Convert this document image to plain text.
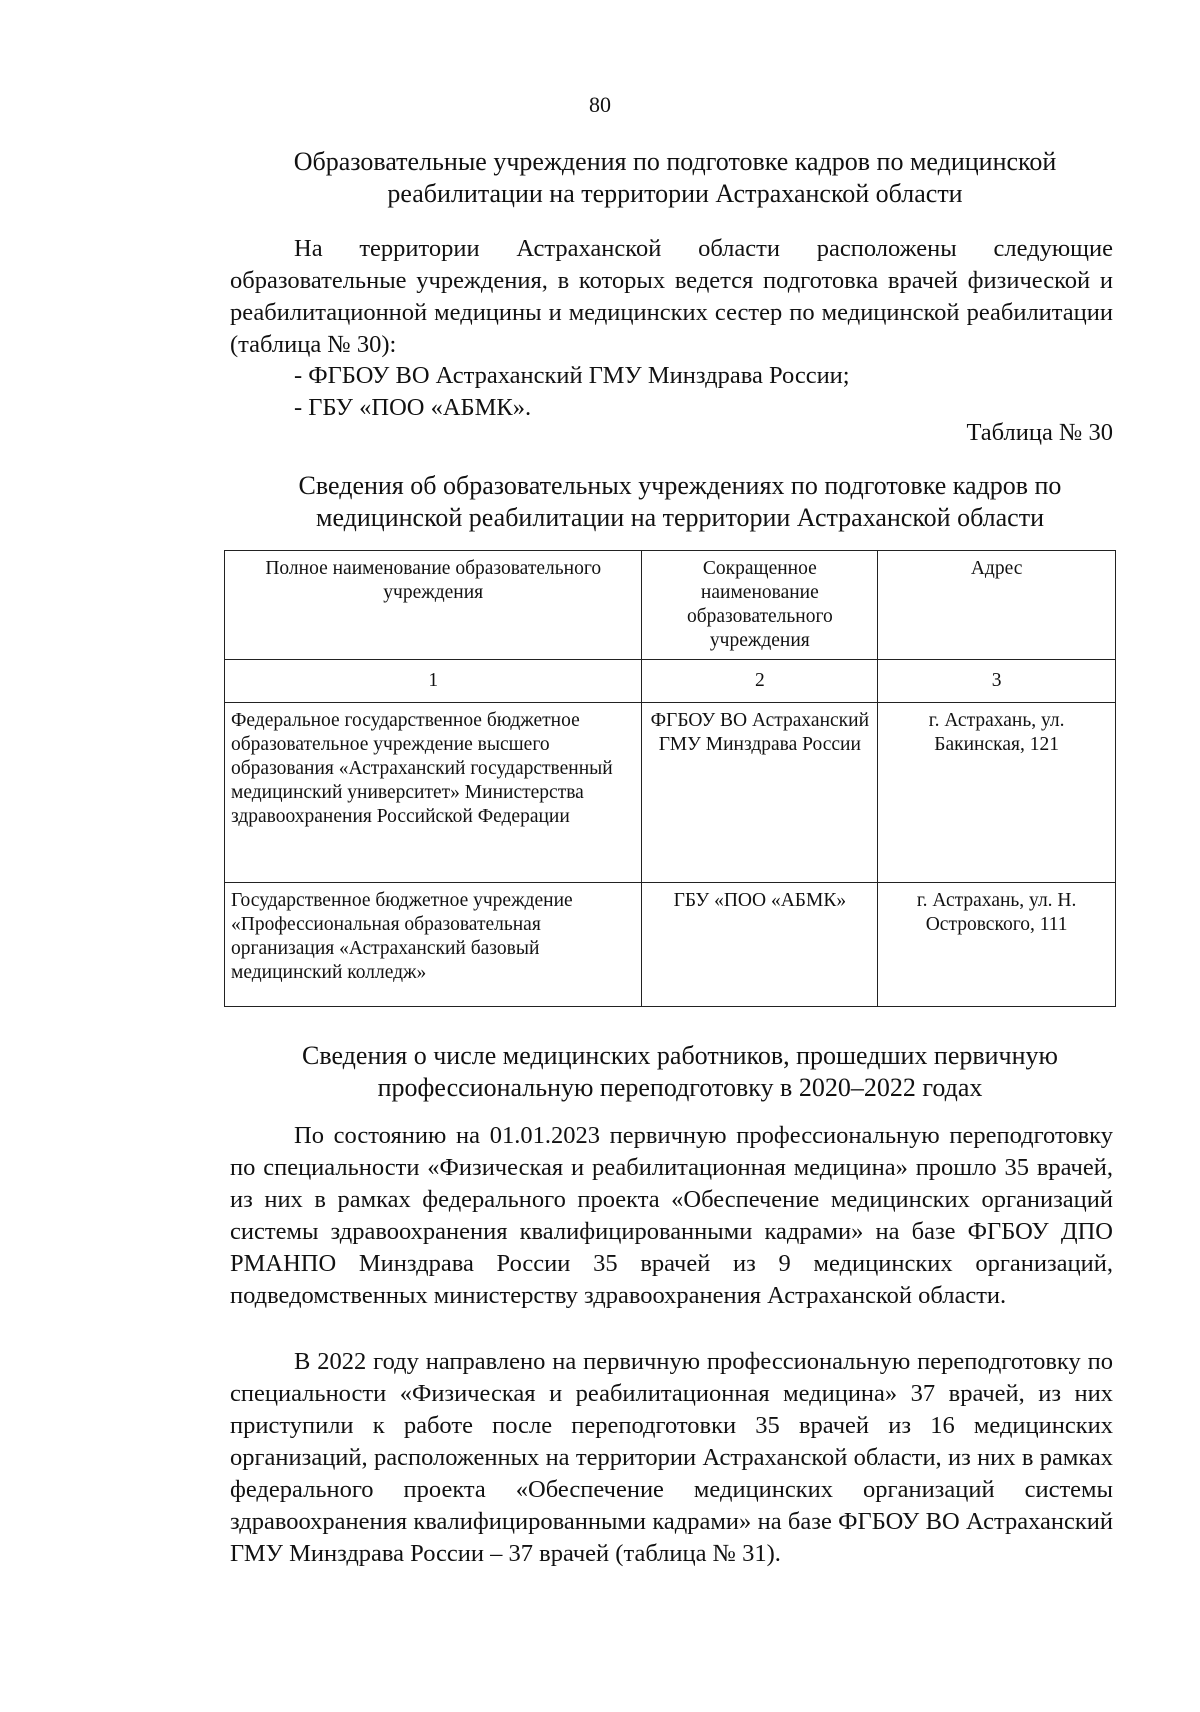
80
Образовательные учреждения по подготовке кадров по медицинской реабилитации на территории Астраханской области

На территории Астраханской области расположены следующие образовательные учреждения, в которых ведется подготовка врачей физической и реабилитационной медицины и медицинских сестер по медицинской реабилитации (таблица № 30):

- ФГБОУ ВО Астраханский ГМУ Минздрава России;
- ГБУ «ПОО «АБМК».
Таблица № 30
Сведения об образовательных учреждениях по подготовке кадров по медицинской реабилитации на территории Астраханской области
Полное наименование образовательного учреждения	Сокращенное наименование образовательного учреждения	Адрес
1	2	3
Федеральное государственное бюджетное образовательное учреждение высшего образования «Астраханский государственный медицинский университет» Министерства здравоохранения Российской Федерации	ФГБОУ ВО Астраханский ГМУ Минздрава России	г. Астрахань, ул. Бакинская, 121
Государственное бюджетное учреждение «Профессиональная образовательная организация «Астраханский базовый медицинский колледж»	ГБУ «ПОО «АБМК»	г. Астрахань, ул. Н. Островского, 111
Сведения о числе медицинских работников, прошедших первичную профессиональную переподготовку в 2020–2022 годах

По состоянию на 01.01.2023 первичную профессиональную переподготовку по специальности «Физическая и реабилитационная медицина» прошло 35 врачей, из них в рамках федерального проекта «Обеспечение медицинских организаций системы здравоохранения квалифицированными кадрами» на базе ФГБОУ ДПО РМАНПО Минздрава России 35 врачей из 9 медицинских организаций, подведомственных министерству здравоохранения Астраханской области.

В 2022 году направлено на первичную профессиональную переподготовку по специальности «Физическая и реабилитационная медицина» 37 врачей, из них приступили к работе после переподготовки 35 врачей из 16 медицинских организаций, расположенных на территории Астраханской области, из них в рамках федерального проекта «Обеспечение медицинских организаций системы здравоохранения квалифицированными кадрами» на базе ФГБОУ ВО Астраханский ГМУ Минздрава России – 37 врачей (таблица № 31).
